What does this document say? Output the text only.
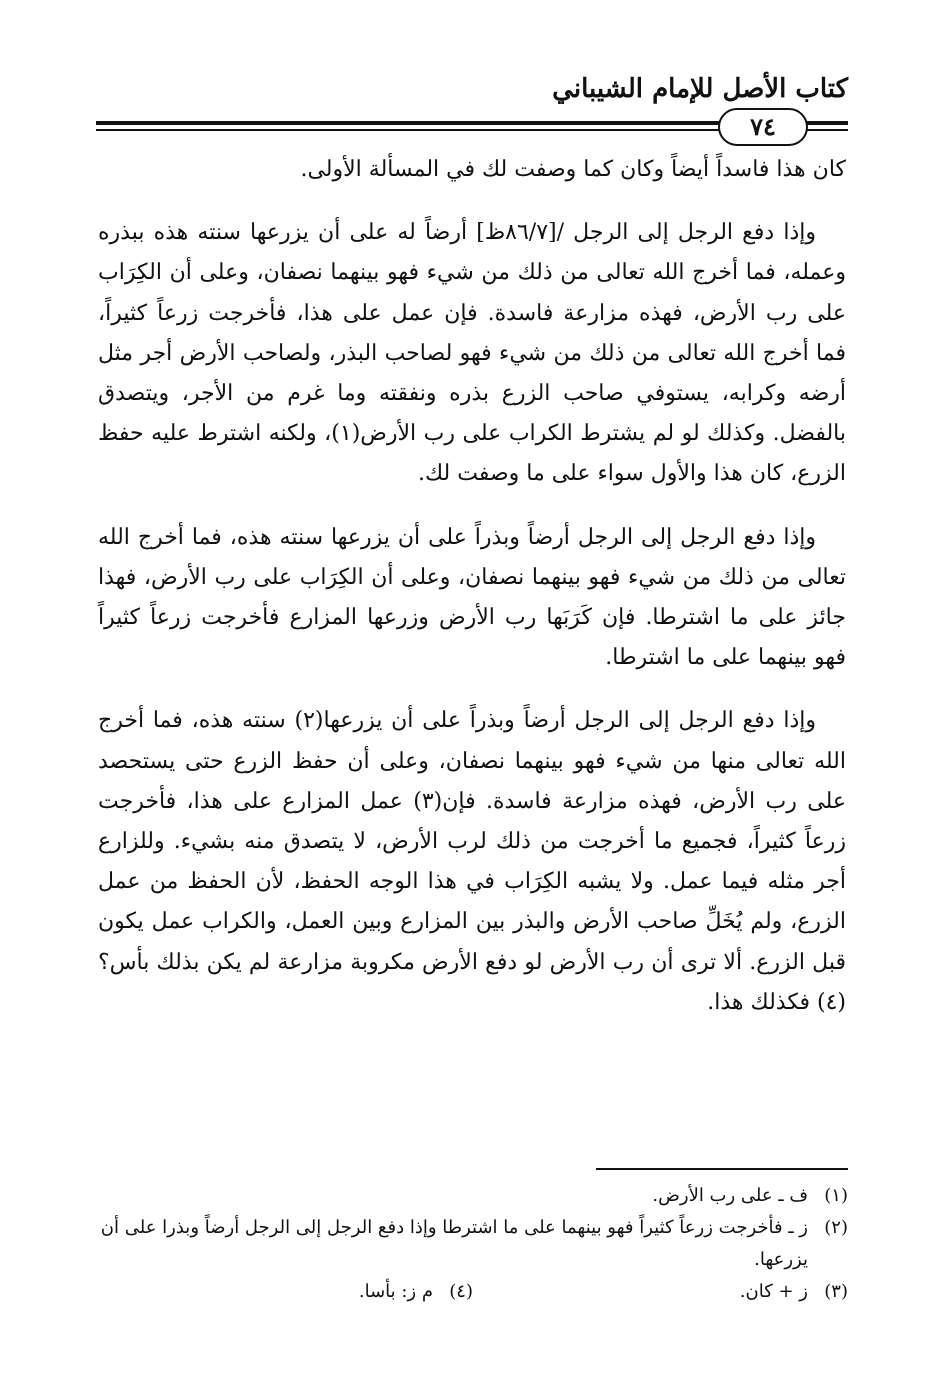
كتاب الأصل للإمام الشيباني
٧٤

كان هذا فاسداً أيضاً وكان كما وصفت لك في المسألة الأولى.

وإذا دفع الرجل إلى الرجل /[٨٦/٧ظ] أرضاً له على أن يزرعها سنته هذه ببذره وعمله، فما أخرج الله تعالى من ذلك من شيء فهو بينهما نصفان، وعلى أن الكِرَاب على رب الأرض، فهذه مزارعة فاسدة. فإن عمل على هذا، فأخرجت زرعاً كثيراً، فما أخرج الله تعالى من ذلك من شيء فهو لصاحب البذر، ولصاحب الأرض أجر مثل أرضه وكرابه، يستوفي صاحب الزرع بذره ونفقته وما غرم من الأجر، ويتصدق بالفضل. وكذلك لو لم يشترط الكراب على رب الأرض(١)، ولكنه اشترط عليه حفظ الزرع، كان هذا والأول سواء على ما وصفت لك.

وإذا دفع الرجل إلى الرجل أرضاً وبذراً على أن يزرعها سنته هذه، فما أخرج الله تعالى من ذلك من شيء فهو بينهما نصفان، وعلى أن الكِرَاب على رب الأرض، فهذا جائز على ما اشترطا. فإن كَرَبَها رب الأرض وزرعها المزارع فأخرجت زرعاً كثيراً فهو بينهما على ما اشترطا.

وإذا دفع الرجل إلى الرجل أرضاً وبذراً على أن يزرعها(٢) سنته هذه، فما أخرج الله تعالى منها من شيء فهو بينهما نصفان، وعلى أن حفظ الزرع حتى يستحصد على رب الأرض، فهذه مزارعة فاسدة. فإن(٣) عمل المزارع على هذا، فأخرجت زرعاً كثيراً، فجميع ما أخرجت من ذلك لرب الأرض، لا يتصدق منه بشيء. وللزارع أجر مثله فيما عمل. ولا يشبه الكِرَاب في هذا الوجه الحفظ، لأن الحفظ من عمل الزرع، ولم يُخَلِّ صاحب الأرض والبذر بين المزارع وبين العمل، والكراب عمل يكون قبل الزرع. ألا ترى أن رب الأرض لو دفع الأرض مكروبة مزارعة لم يكن بذلك بأس؟(٤) فكذلك هذا.

(١)
ف ـ على رب الأرض.
(٢)
ز ـ فأخرجت زرعاً كثيراً فهو بينهما على ما اشترطا وإذا دفع الرجل إلى الرجل أرضاً وبذرا على أن يزرعها.
(٣)
ز + كان.
(٤)
م ز: بأسا.
